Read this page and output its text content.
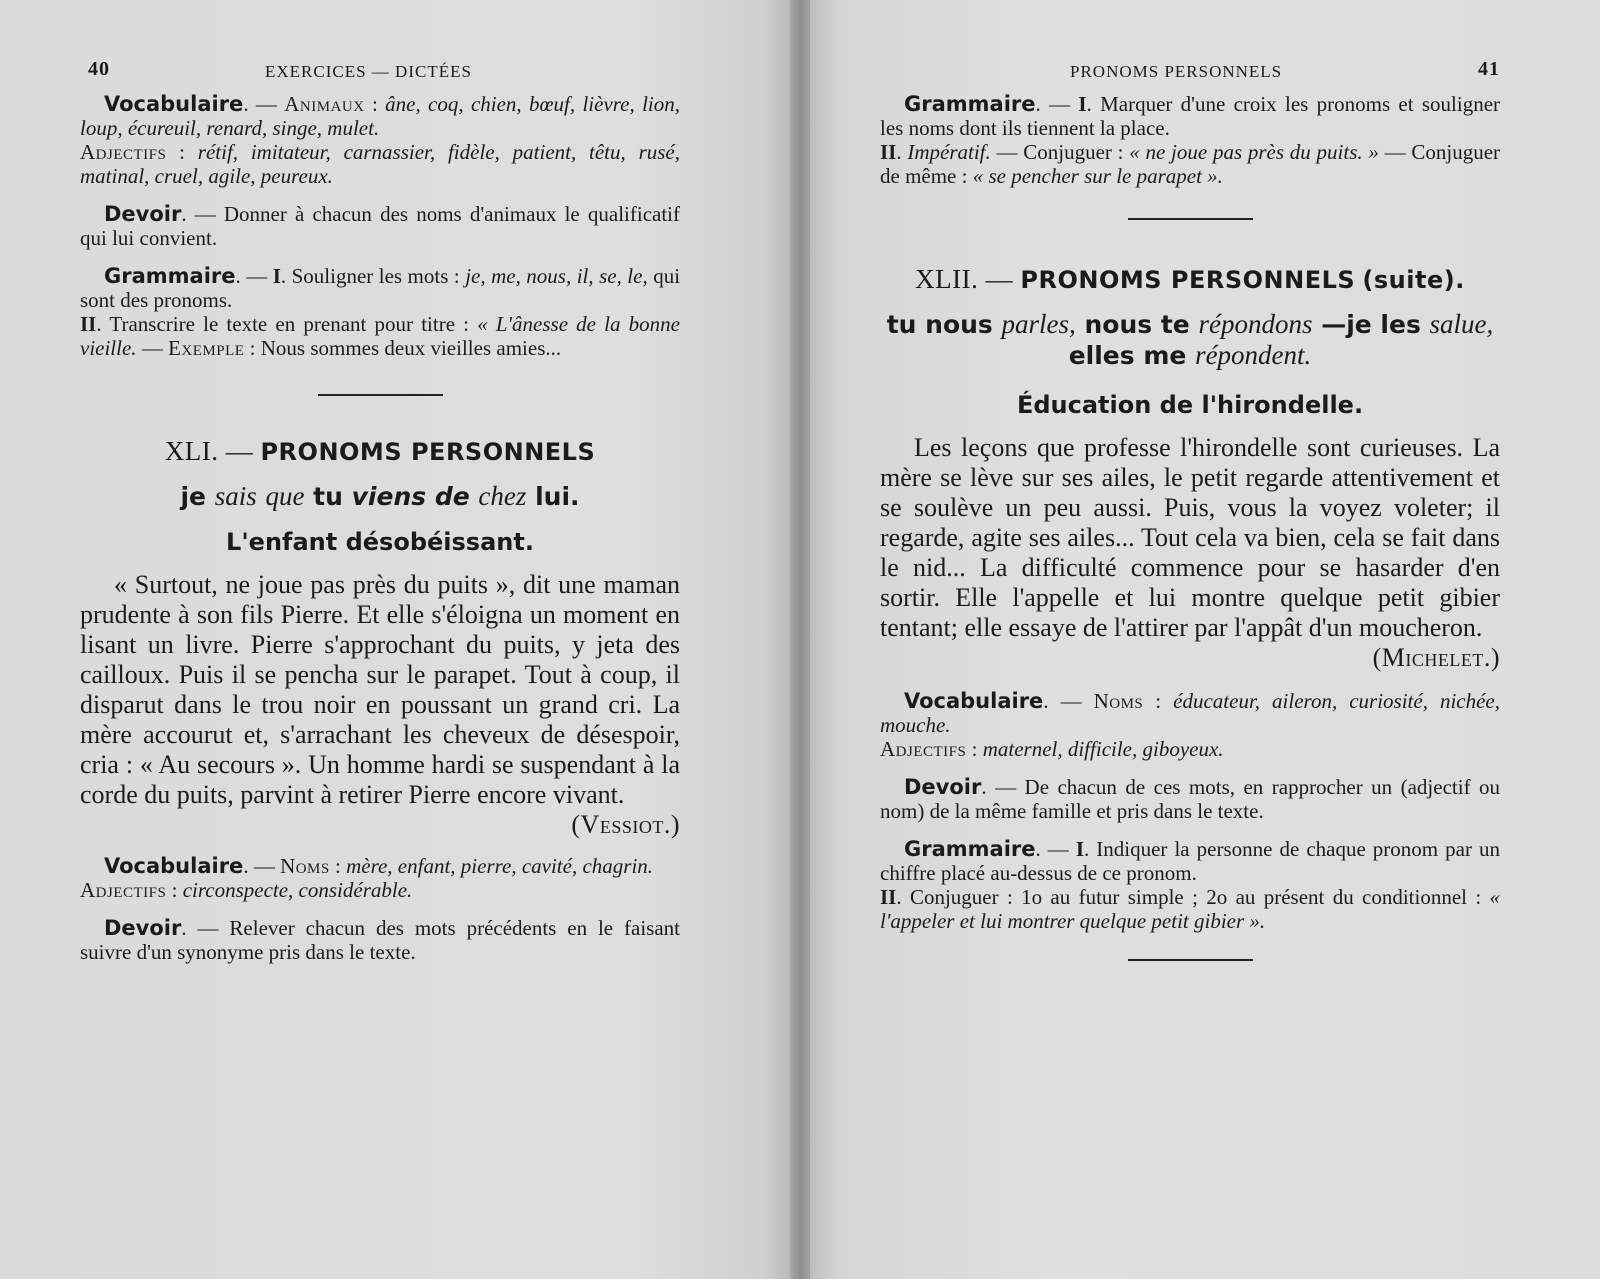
40	EXERCICES — DICTÉES

Vocabulaire. — Animaux : âne, coq, chien, bœuf, lièvre, lion, loup, écureuil, renard, singe, mulet.
Adjectifs : rétif, imitateur, carnassier, fidèle, patient, têtu, rusé, matinal, cruel, agile, peureux.

Devoir. — Donner à chacun des noms d'animaux le qualificatif qui lui convient.

Grammaire. — I. Souligner les mots : je, me, nous, il, se, le, qui sont des pronoms.
II. Transcrire le texte en prenant pour titre : « L'ânesse de la bonne vieille. — Exemple : Nous sommes deux vieilles amies...

XLI. — PRONOMS PERSONNELS

je sais que tu viens de chez lui.

L'enfant désobéissant.

« Surtout, ne joue pas près du puits », dit une maman prudente à son fils Pierre. Et elle s'éloigna un moment en lisant un livre. Pierre s'approchant du puits, y jeta des cailloux. Puis il se pencha sur le parapet. Tout à coup, il disparut dans le trou noir en poussant un grand cri. La mère accourut et, s'arrachant les cheveux de désespoir, cria : « Au secours ». Un homme hardi se suspendant à la corde du puits, parvint à retirer Pierre encore vivant.
(Vessiot.)

Vocabulaire. — Noms : mère, enfant, pierre, cavité, chagrin.
Adjectifs : circonspecte, considérable.

Devoir. — Relever chacun des mots précédents en le faisant suivre d'un synonyme pris dans le texte.

PRONOMS PERSONNELS	41

Grammaire. — I. Marquer d'une croix les pronoms et souligner les noms dont ils tiennent la place.
II. Impératif. — Conjuguer : « ne joue pas près du puits. » — Conjuguer de même : « se pencher sur le parapet ».

XLII. — PRONOMS PERSONNELS (suite).

tu nous parles, nous te répondons —je les salue,
elles me répondent.

Éducation de l'hirondelle.

Les leçons que professe l'hirondelle sont curieuses. La mère se lève sur ses ailes, le petit regarde attentivement et se soulève un peu aussi. Puis, vous la voyez voleter; il regarde, agite ses ailes... Tout cela va bien, cela se fait dans le nid... La difficulté commence pour se hasarder d'en sortir. Elle l'appelle et lui montre quelque petit gibier tentant; elle essaye de l'attirer par l'appât d'un moucheron.
(Michelet.)

Vocabulaire. — Noms : éducateur, aileron, curiosité, nichée, mouche.
Adjectifs : maternel, difficile, giboyeux.

Devoir. — De chacun de ces mots, en rapprocher un (adjectif ou nom) de la même famille et pris dans le texte.

Grammaire. — I. Indiquer la personne de chaque pronom par un chiffre placé au-dessus de ce pronom.
II. Conjuguer : 1o au futur simple ; 2o au présent du conditionnel : « l'appeler et lui montrer quelque petit gibier ».
